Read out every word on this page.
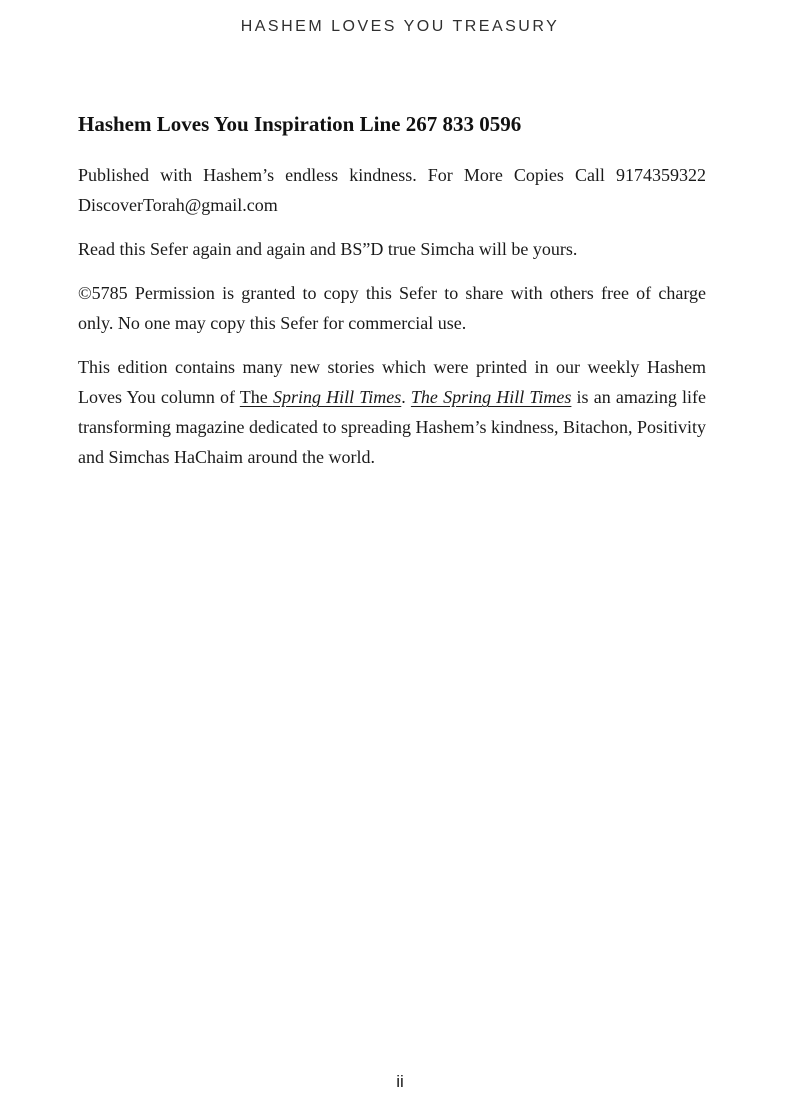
HASHEM LOVES YOU TREASURY
Hashem Loves You Inspiration Line 267 833 0596

Published with Hashem’s endless kindness. For More Copies Call 9174359322 DiscoverTorah@gmail.com

Read this Sefer again and again and BS”D true Simcha will be yours.

©5785 Permission is granted to copy this Sefer to share with others free of charge only. No one may copy this Sefer for commercial use.

This edition contains many new stories which were printed in our weekly Hashem Loves You column of The Spring Hill Times. The Spring Hill Times is an amazing life transforming magazine dedicated to spreading Hashem’s kindness, Bitachon, Positivity and Simchas HaChaim around the world.

ii
